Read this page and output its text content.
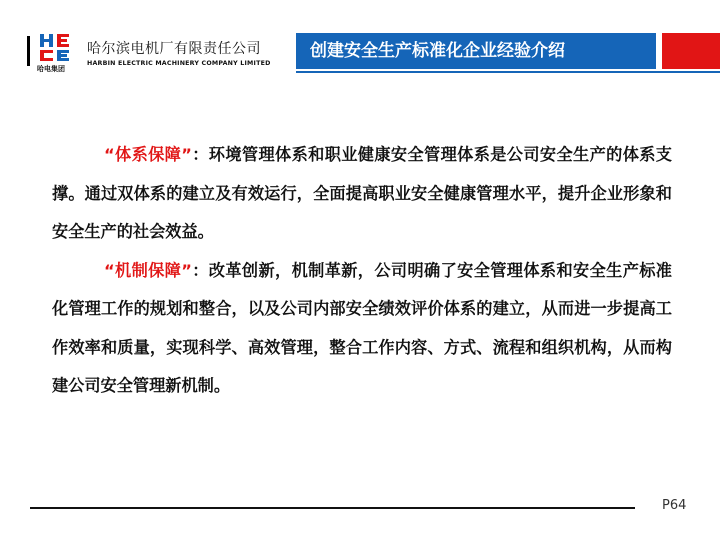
哈电集团
哈尔滨电机厂有限责任公司
HARBIN ELECTRIC MACHINERY COMPANY LIMITED
创建安全生产标准化企业经验介绍

“体系保障”：环境管理体系和职业健康安全管理体系是公司安全生产的体系支撑。通过双体系的建立及有效运行，全面提高职业安全健康管理水平，提升企业形象和安全生产的社会效益。

“机制保障”：改革创新，机制革新，公司明确了安全管理体系和安全生产标准化管理工作的规划和整合，以及公司内部安全绩效评价体系的建立，从而进一步提高工作效率和质量，实现科学、高效管理，整合工作内容、方式、流程和组织机构，从而构建公司安全管理新机制。

P64
